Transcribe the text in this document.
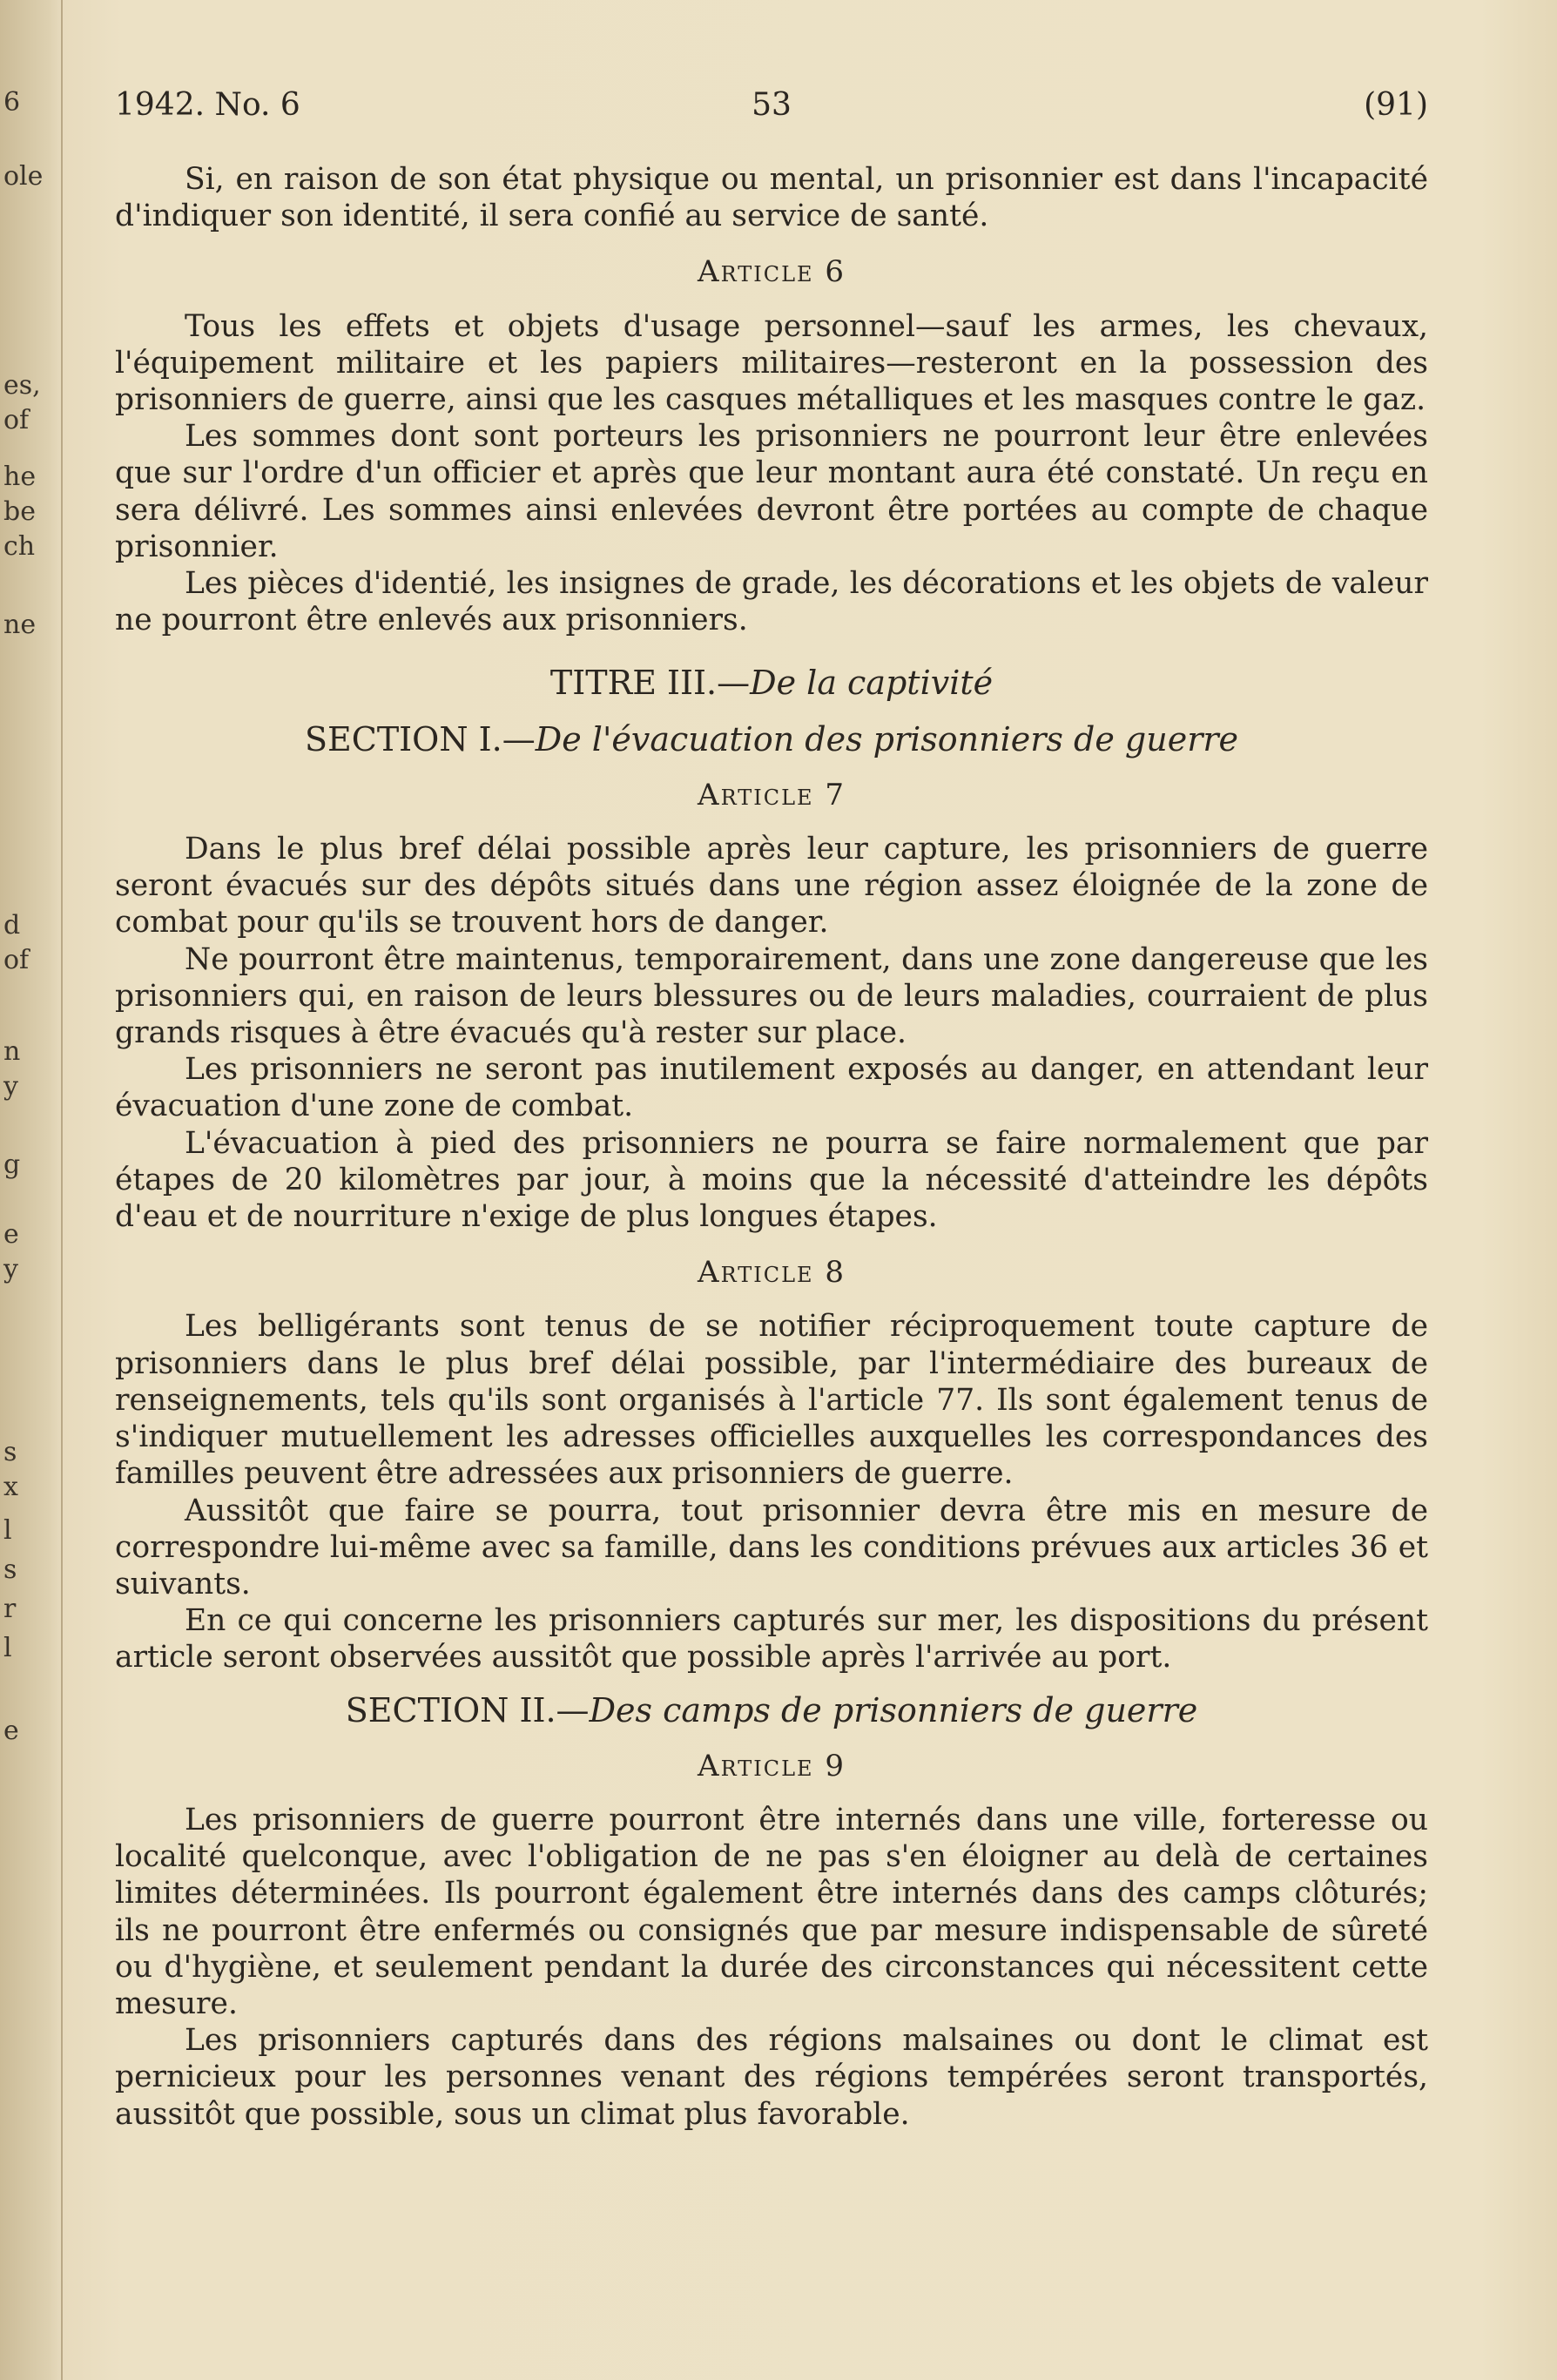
6
ole
es,
of
he
be
ch
ne
d
of
n
y
g
e
y
s
x
l
s
r
l
e
1942. No. 6	53	(91)

Si, en raison de son état physique ou mental, un prisonnier est dans l'incapacité d'indiquer son identité, il sera confié au service de santé.

Article 6

Tous les effets et objets d'usage personnel—sauf les armes, les chevaux, l'équipement militaire et les papiers militaires—resteront en la possession des prisonniers de guerre, ainsi que les casques métalliques et les masques contre le gaz.

Les sommes dont sont porteurs les prisonniers ne pourront leur être enlevées que sur l'ordre d'un officier et après que leur montant aura été constaté. Un reçu en sera délivré. Les sommes ainsi enlevées devront être portées au compte de chaque prisonnier.

Les pièces d'identié, les insignes de grade, les décorations et les objets de valeur ne pourront être enlevés aux prisonniers.

TITRE III.—De la captivité
SECTION I.—De l'évacuation des prisonniers de guerre
Article 7

Dans le plus bref délai possible après leur capture, les prisonniers de guerre seront évacués sur des dépôts situés dans une région assez éloignée de la zone de combat pour qu'ils se trouvent hors de danger.

Ne pourront être maintenus, temporairement, dans une zone dangereuse que les prisonniers qui, en raison de leurs blessures ou de leurs maladies, courraient de plus grands risques à être évacués qu'à rester sur place.

Les prisonniers ne seront pas inutilement exposés au danger, en attendant leur évacuation d'une zone de combat.

L'évacuation à pied des prisonniers ne pourra se faire normalement que par étapes de 20 kilomètres par jour, à moins que la nécessité d'atteindre les dépôts d'eau et de nourriture n'exige de plus longues étapes.

Article 8

Les belligérants sont tenus de se notifier réciproquement toute capture de prisonniers dans le plus bref délai possible, par l'intermédiaire des bureaux de renseignements, tels qu'ils sont organisés à l'article 77. Ils sont également tenus de s'indiquer mutuellement les adresses officielles auxquelles les correspondances des familles peuvent être adressées aux prisonniers de guerre.

Aussitôt que faire se pourra, tout prisonnier devra être mis en mesure de correspondre lui-même avec sa famille, dans les conditions prévues aux articles 36 et suivants.

En ce qui concerne les prisonniers capturés sur mer, les dispositions du présent article seront observées aussitôt que possible après l'arrivée au port.

SECTION II.—Des camps de prisonniers de guerre
Article 9

Les prisonniers de guerre pourront être internés dans une ville, forteresse ou localité quelconque, avec l'obligation de ne pas s'en éloigner au delà de certaines limites déterminées. Ils pourront également être internés dans des camps clôturés; ils ne pourront être enfermés ou consignés que par mesure indispensable de sûreté ou d'hygiène, et seulement pendant la durée des circonstances qui nécessitent cette mesure.

Les prisonniers capturés dans des régions malsaines ou dont le climat est pernicieux pour les personnes venant des régions tempérées seront transportés, aussitôt que possible, sous un climat plus favorable.
